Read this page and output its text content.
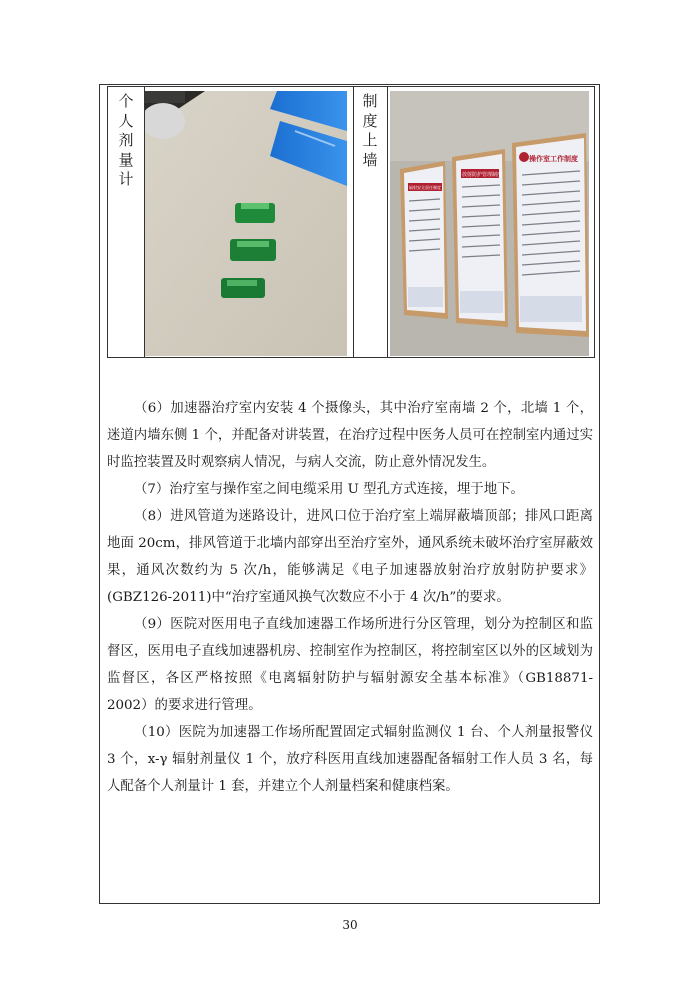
个人剂量计
制度上墙	操作室工作制度
放射防护管理制度
辐射安全责任制度

（6）加速器治疗室内安装 4 个摄像头，其中治疗室南墙 2 个，北墙 1 个，迷道内墙东侧 1 个，并配备对讲装置，在治疗过程中医务人员可在控制室内通过实时监控装置及时观察病人情况，与病人交流，防止意外情况发生。

（7）治疗室与操作室之间电缆采用 U 型孔方式连接，埋于地下。

（8）进风管道为迷路设计，进风口位于治疗室上端屏蔽墙顶部；排风口距离地面 20cm，排风管道于北墙内部穿出至治疗室外，通风系统未破坏治疗室屏蔽效果，通风次数约为 5 次/h，能够满足《电子加速器放射治疗放射防护要求》(GBZ126-2011)中“治疗室通风换气次数应不小于 4 次/h”的要求。

（9）医院对医用电子直线加速器工作场所进行分区管理，划分为控制区和监督区，医用电子直线加速器机房、控制室作为控制区，将控制室区以外的区域划为监督区，各区严格按照《电离辐射防护与辐射源安全基本标准》（GB18871-2002）的要求进行管理。

（10）医院为加速器工作场所配置固定式辐射监测仪 1 台、个人剂量报警仪 3 个，x-γ 辐射剂量仪 1 个，放疗科医用直线加速器配备辐射工作人员 3 名，每人配备个人剂量计 1 套，并建立个人剂量档案和健康档案。

30
